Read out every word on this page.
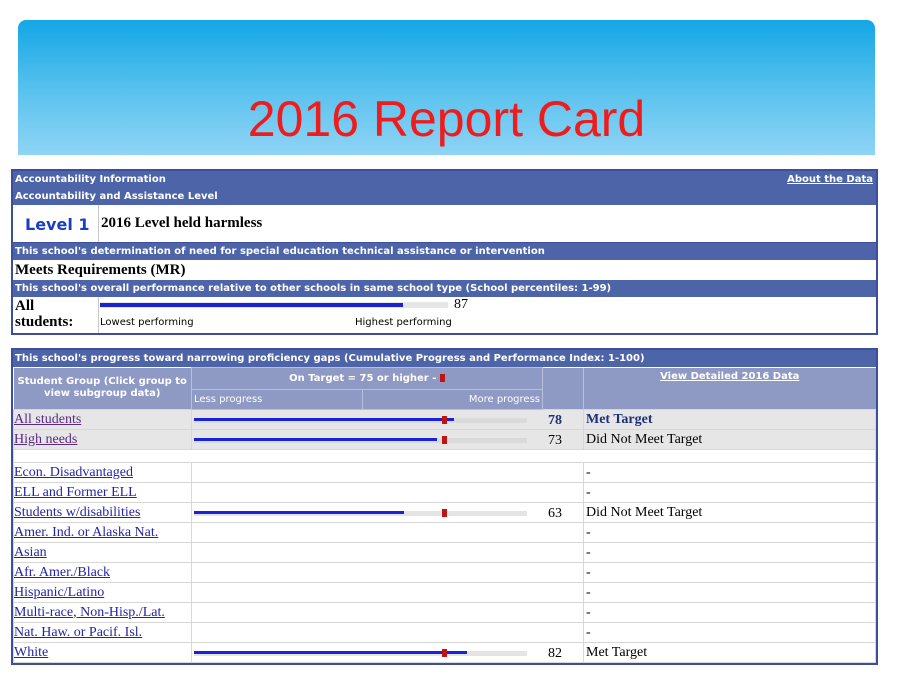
2016 Report Card
Accountability Information	About the Data
Accountability and Assistance Level
Level 1 2016 Level held harmless
This school's determination of need for special education technical assistance or intervention
Meets Requirements (MR)
This school's overall performance relative to other schools in same school type (School percentiles: 1-99)
All
students:
87
Lowest performing	Highest performing
This school's progress toward narrowing proficiency gaps (Cumulative Progress and Performance Index: 1-100)
Student Group (Click group to view subgroup data)	On Target = 75 or higher -			View Detailed 2016 Data
	Less progress	More progress		
All students	78			Met Target
High needs	73			Did Not Meet Target

Econ. Disadvantaged				-
ELL and Former ELL				-
Students w/disabilities	63			Did Not Meet Target
Amer. Ind. or Alaska Nat.				-
Asian				-
Afr. Amer./Black				-
Hispanic/Latino				-
Multi-race, Non-Hisp./Lat.				-
Nat. Haw. or Pacif. Isl.				-
White	82			Met Target
